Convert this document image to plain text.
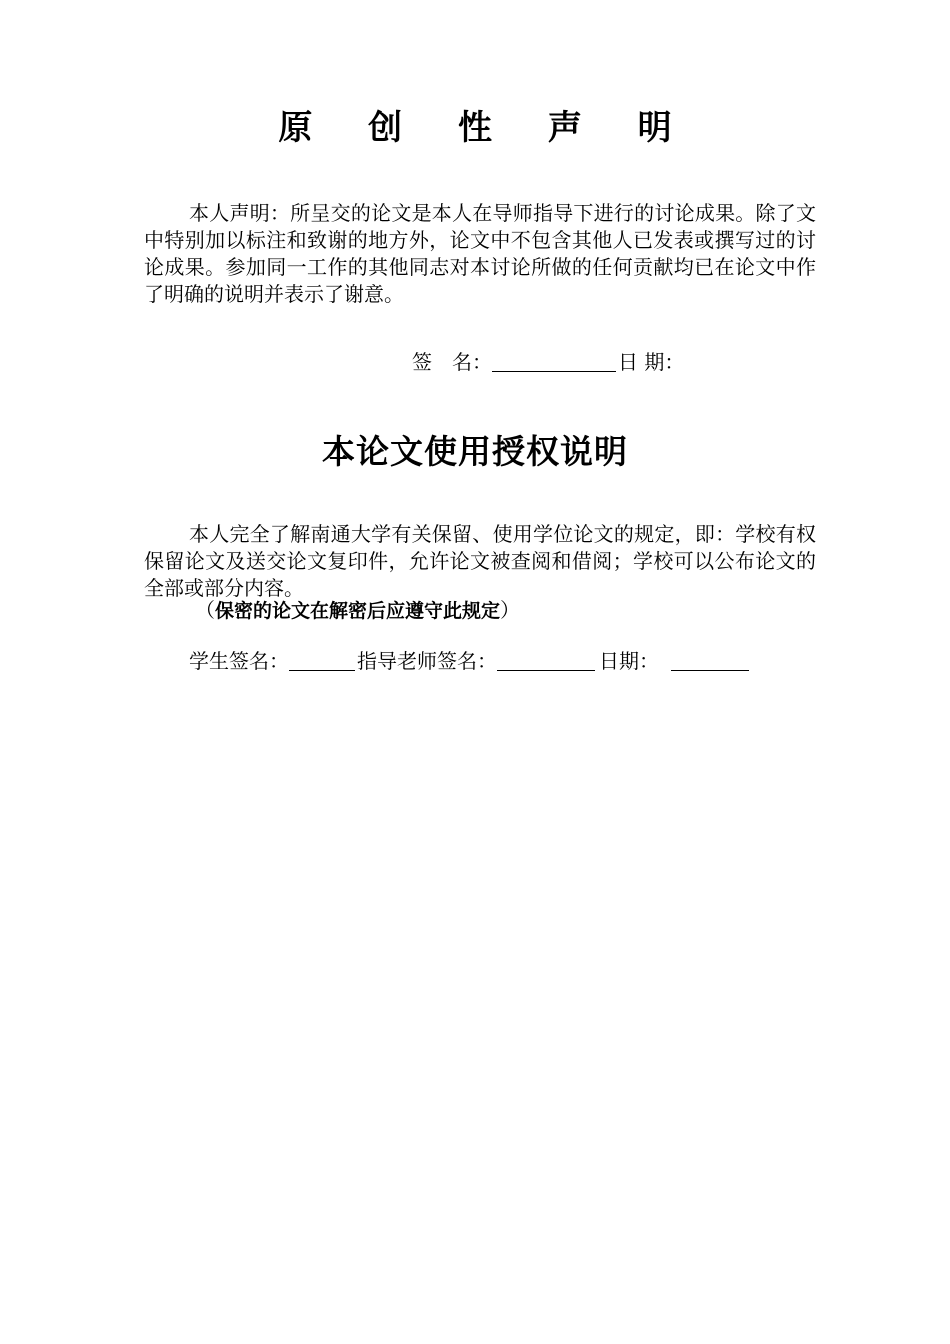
原 创 性 声 明

本人声明：所呈交的论文是本人在导师指导下进行的讨论成果。除了文中特别加以标注和致谢的地方外，论文中不包含其他人已发表或撰写过的讨论成果。参加同一工作的其他同志对本讨论所做的任何贡献均已在论文中作了明确的说明并表示了谢意。

签　名：	日 期：
本论文使用授权说明

本人完全了解南通大学有关保留、使用学位论文的规定，即：学校有权保留论文及送交论文复印件，允许论文被查阅和借阅；学校可以公布论文的全部或部分内容。

（保密的论文在解密后应遵守此规定）

学生签名：	指导老师签名：	日期：
